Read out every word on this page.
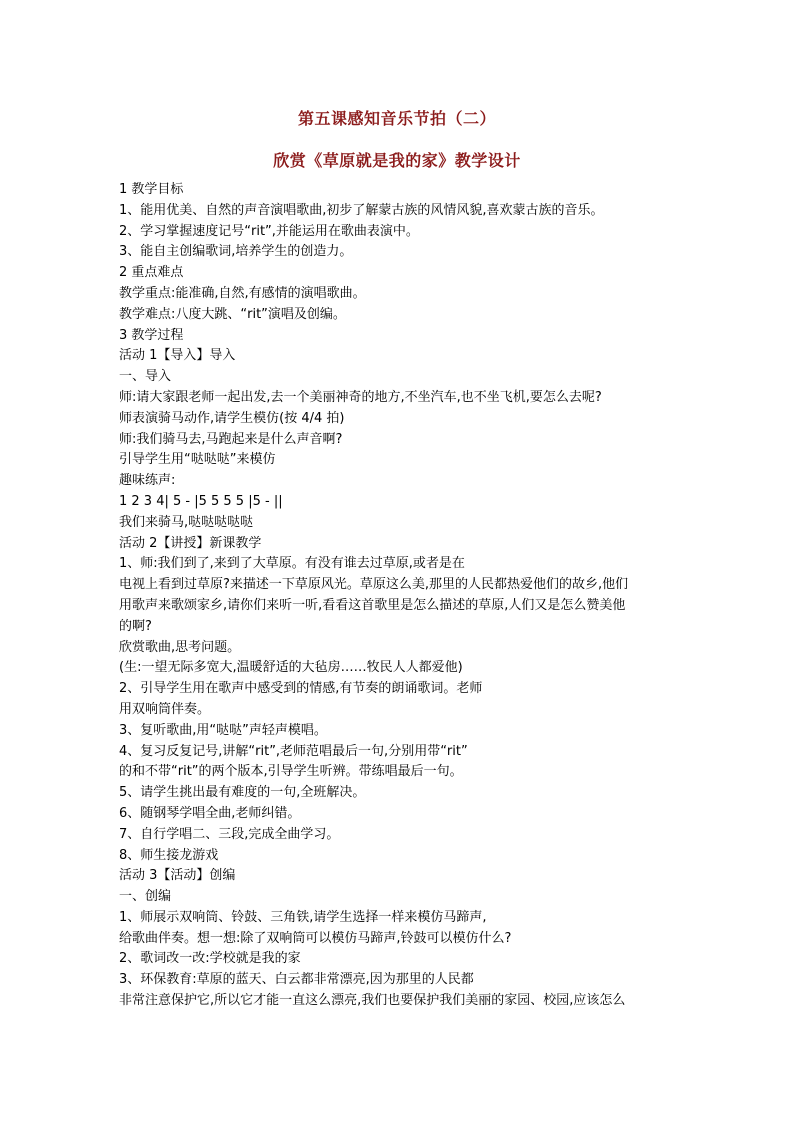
第五课感知音乐节拍（二）
欣赏《草原就是我的家》教学设计
1 教学目标
1、能用优美、自然的声音演唱歌曲,初步了解蒙古族的风情风貌,喜欢蒙古族的音乐。
2、学习掌握速度记号“rit”,并能运用在歌曲表演中。
3、能自主创编歌词,培养学生的创造力。
2 重点难点
教学重点:能准确,自然,有感情的演唱歌曲。
教学难点:八度大跳、“rit”演唱及创编。
3 教学过程
活动 1【导入】导入
一、导入
师:请大家跟老师一起出发,去一个美丽神奇的地方,不坐汽车,也不坐飞机,要怎么去呢?
师表演骑马动作,请学生模仿(按 4/4 拍)
师:我们骑马去,马跑起来是什么声音啊?
引导学生用“哒哒哒”来模仿
趣味练声:
1 2 3 4| 5 - |5 5 5 5 |5 - ||
我们来骑马,哒哒哒哒哒
活动 2【讲授】新课教学
1、师:我们到了,来到了大草原。有没有谁去过草原,或者是在
电视上看到过草原?来描述一下草原风光。草原这么美,那里的人民都热爱他们的故乡,他们
用歌声来歌颂家乡,请你们来听一听,看看这首歌里是怎么描述的草原,人们又是怎么赞美他
的啊?
欣赏歌曲,思考问题。
(生:一望无际多宽大,温暖舒适的大毡房……牧民人人都爱他)
2、引导学生用在歌声中感受到的情感,有节奏的朗诵歌词。老师
用双响筒伴奏。
3、复听歌曲,用“哒哒”声轻声模唱。
4、复习反复记号,讲解“rit”,老师范唱最后一句,分别用带“rit”
的和不带“rit”的两个版本,引导学生听辨。带练唱最后一句。
5、请学生挑出最有难度的一句,全班解决。
6、随钢琴学唱全曲,老师纠错。
7、自行学唱二、三段,完成全曲学习。
8、师生接龙游戏
活动 3【活动】创编
一、创编
1、师展示双响筒、铃鼓、三角铁,请学生选择一样来模仿马蹄声,
给歌曲伴奏。想一想:除了双响筒可以模仿马蹄声,铃鼓可以模仿什么?
2、歌词改一改:学校就是我的家
3、环保教育:草原的蓝天、白云都非常漂亮,因为那里的人民都
非常注意保护它,所以它才能一直这么漂亮,我们也要保护我们美丽的家园、校园,应该怎么
